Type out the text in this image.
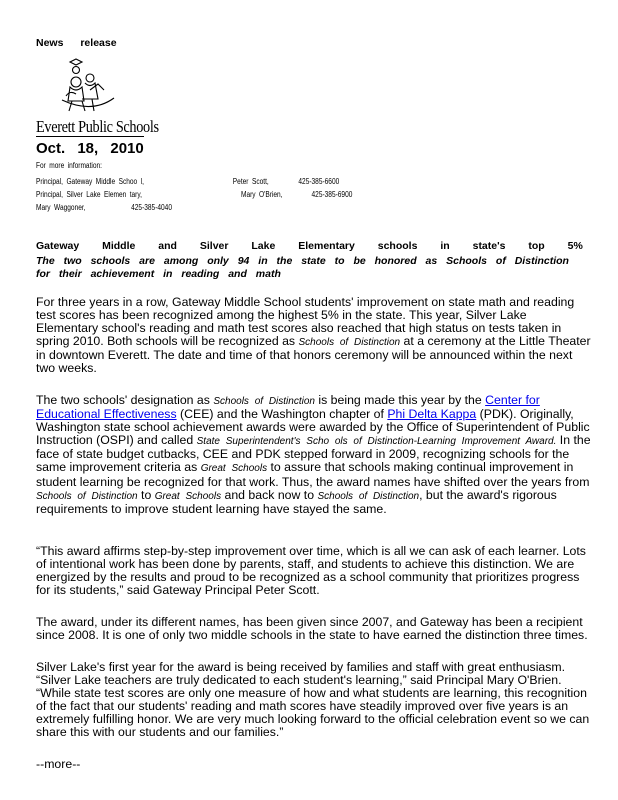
News release
Everett Public Schools
Oct. 18, 2010
For more information:
Principal, Gateway Middle Schoo l,	Peter Scott,	425-385-6600
Principal, Silver Lake Elemen tary,	Mary O'Brien,	425-385-6900
Mary Waggoner,	425-385-4040
Gateway Middle and Silver Lake Elementary schools in state's top 5%
The two schools are among only 94 in the state to be honored as Schools of Distinction for their achievement in reading and math
For three years in a row, Gateway Middle School students' improvement on state math and reading test scores has been recognized among the highest 5% in the state. This year, Silver Lake Elementary school's reading and math test scores also reached that high status on tests taken in spring 2010. Both schools will be recognized as Schools of Distinction at a ceremony at the Little Theater in downtown Everett. The date and time of that honors ceremony will be announced within the next two weeks.
The two schools' designation as Schools of Distinction is being made this year by the Center for Educational Effectiveness (CEE) and the Washington chapter of Phi Delta Kappa (PDK). Originally, Washington state school achievement awards were awarded by the Office of Superintendent of Public Instruction (OSPI) and called State Superintendent's Scho ols of Distinction-Learning Improvement Award. In the face of state budget cutbacks, CEE and PDK stepped forward in 2009, recognizing schools for the same improvement criteria as Great Schools to assure that schools making continual improvement in student learning be recognized for that work. Thus, the award names have shifted over the years from Schools of Distinction to Great Schools and back now to Schools of Distinction, but the award's rigorous requirements to improve student learning have stayed the same.
“This award affirms step-by-step improvement over time, which is all we can ask of each learner. Lots of intentional work has been done by parents, staff, and students to achieve this distinction. We are energized by the results and proud to be recognized as a school community that prioritizes progress for its students,” said Gateway Principal Peter Scott.
The award, under its different names, has been given since 2007, and Gateway has been a recipient since 2008. It is one of only two middle schools in the state to have earned the distinction three times.
Silver Lake's first year for the award is being received by families and staff with great enthusiasm. “Silver Lake teachers are truly dedicated to each student's learning,” said Principal Mary O'Brien. “While state test scores are only one measure of how and what students are learning, this recognition of the fact that our students' reading and math scores have steadily improved over five years is an extremely fulfilling honor. We are very much looking forward to the official celebration event so we can share this with our students and our families.”
--more--
